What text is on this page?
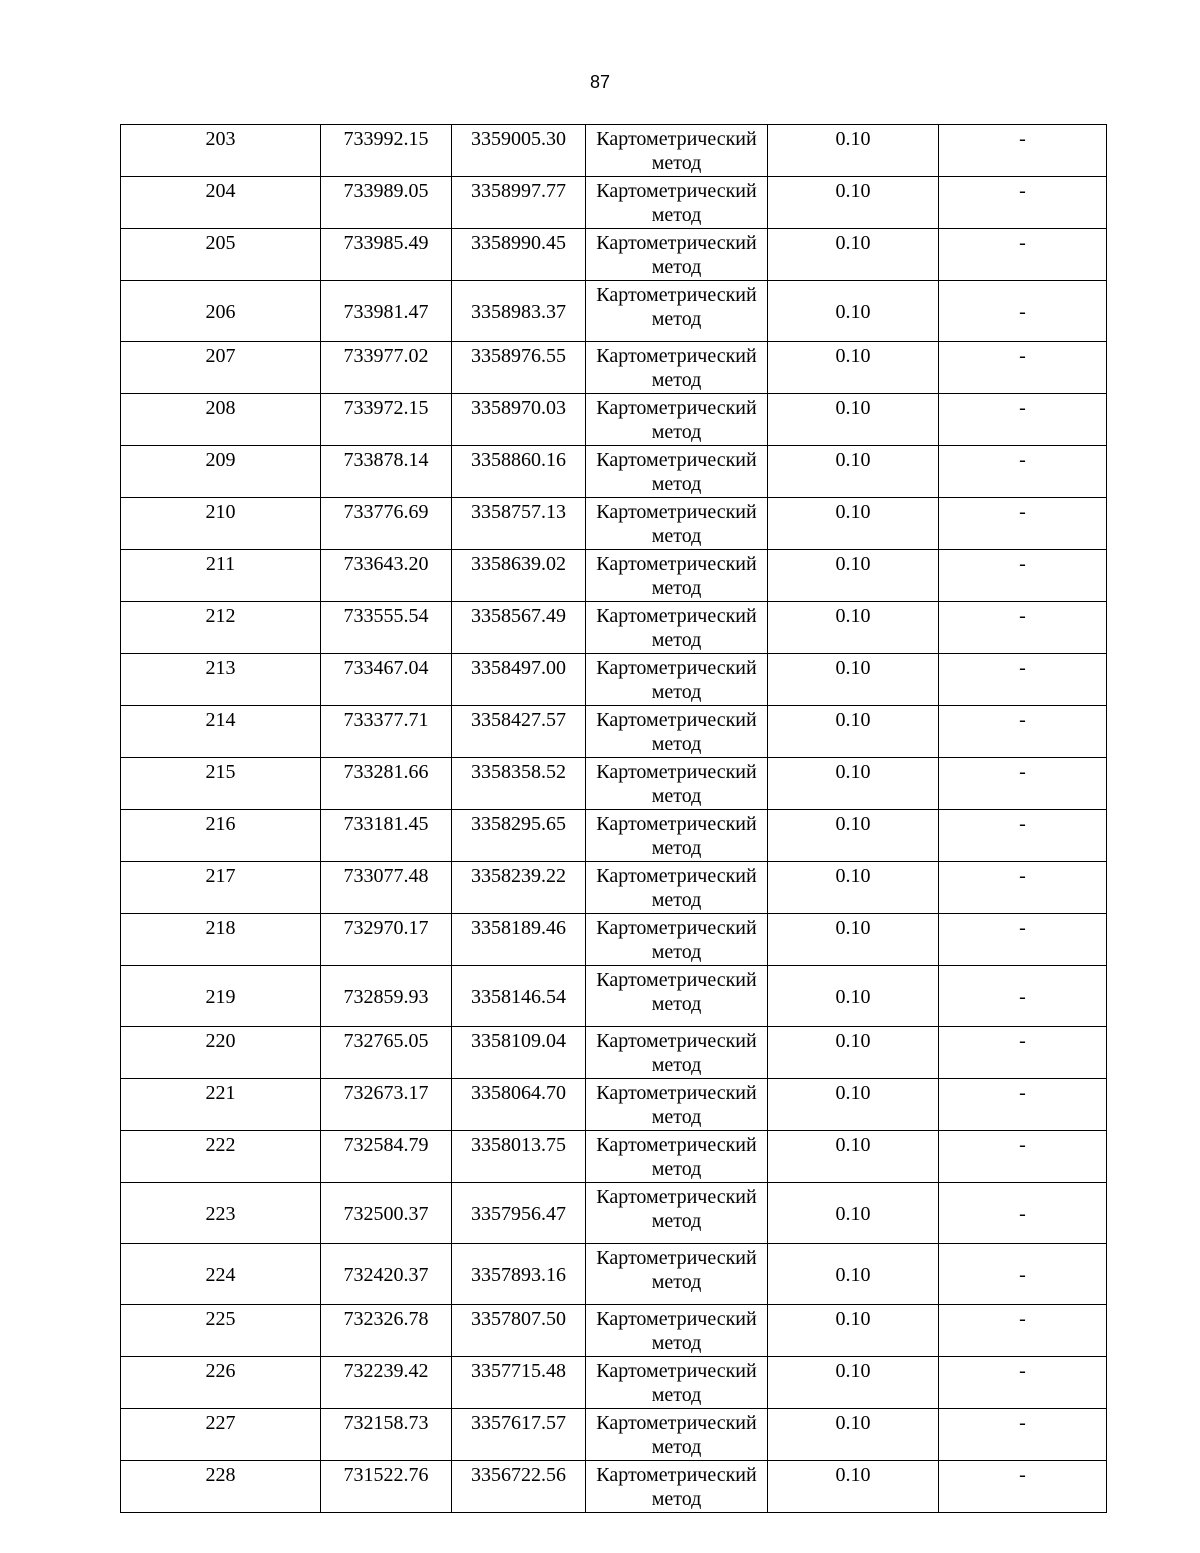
87
203	733992.15	3359005.30	Картометрический метод	0.10	-

204	733989.05	3358997.77	Картометрический метод	0.10	-

205	733985.49	3358990.45	Картометрический метод	0.10	-

206	733981.47	3358983.37	Картометрический метод	0.10	-

207	733977.02	3358976.55	Картометрический метод	0.10	-

208	733972.15	3358970.03	Картометрический метод	0.10	-

209	733878.14	3358860.16	Картометрический метод	0.10	-

210	733776.69	3358757.13	Картометрический метод	0.10	-

211	733643.20	3358639.02	Картометрический метод	0.10	-

212	733555.54	3358567.49	Картометрический метод	0.10	-

213	733467.04	3358497.00	Картометрический метод	0.10	-

214	733377.71	3358427.57	Картометрический метод	0.10	-

215	733281.66	3358358.52	Картометрический метод	0.10	-

216	733181.45	3358295.65	Картометрический метод	0.10	-

217	733077.48	3358239.22	Картометрический метод	0.10	-

218	732970.17	3358189.46	Картометрический метод	0.10	-

219	732859.93	3358146.54	Картометрический метод	0.10	-

220	732765.05	3358109.04	Картометрический метод	0.10	-

221	732673.17	3358064.70	Картометрический метод	0.10	-

222	732584.79	3358013.75	Картометрический метод	0.10	-

223	732500.37	3357956.47	Картометрический метод	0.10	-

224	732420.37	3357893.16	Картометрический метод	0.10	-

225	732326.78	3357807.50	Картометрический метод	0.10	-

226	732239.42	3357715.48	Картометрический метод	0.10	-

227	732158.73	3357617.57	Картометрический метод	0.10	-

228	731522.76	3356722.56	Картометрический метод	0.10	-
